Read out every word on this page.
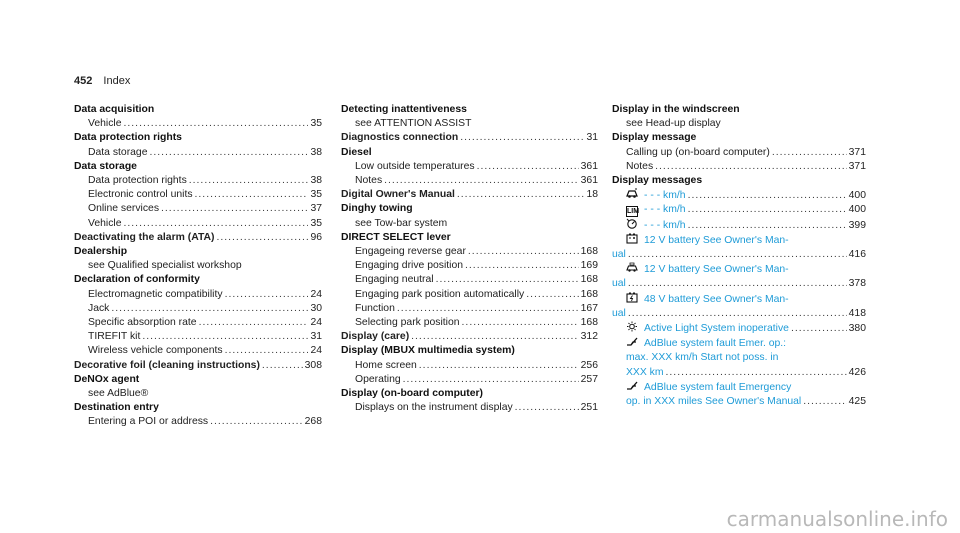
452 Index
Data acquisition
Vehicle .....	35
Data protection rights
Data storage .....	38
Data storage
Data protection rights .....	38
Electronic control units .....	35
Online services .....	37
Vehicle .....	35
Deactivating the alarm (ATA) .....	96
Dealership
see Qualified specialist workshop
Declaration of conformity
Electromagnetic compatibility .....	24
Jack .....	30
Specific absorption rate .....	24
TIREFIT kit .....	31
Wireless vehicle components .....	24
Decorative foil (cleaning instructions) .....	308
DeNOx agent
see AdBlue®
Destination entry
Entering a POI or address .....	268
Detecting inattentiveness
see ATTENTION ASSIST
Diagnostics connection .....	31
Diesel
Low outside temperatures .....	361
Notes .....	361
Digital Owner's Manual .....	18
Dinghy towing
see Tow-bar system
DIRECT SELECT lever
Engageing reverse gear .....	168
Engaging drive position .....	169
Engaging neutral .....	168
Engaging park position automatically .....	168
Function .....	167
Selecting park position .....	168
Display (care) .....	312
Display (MBUX multimedia system)
Home screen .....	256
Operating .....	257
Display (on-board computer)
Displays on the instrument display .....	251
Display in the windscreen
see Head-up display
Display message
Calling up (on-board computer) .....	371
Notes .....	371
Display messages
- - - km/h .....	400
LIM - - - km/h .....	400
- - - km/h .....	399
12 V battery See Owner's Man-
ual .....	416
12 V battery See Owner's Man-
ual .....	378
48 V battery See Owner's Man-
ual .....	418
Active Light System inoperative .....	380
AdBlue system fault Emer. op.:
max. XXX km/h Start not poss. in
XXX km .....	426
AdBlue system fault Emergency
op. in XXX miles See Owner's Manual .....	425
carmanualsonline.info
